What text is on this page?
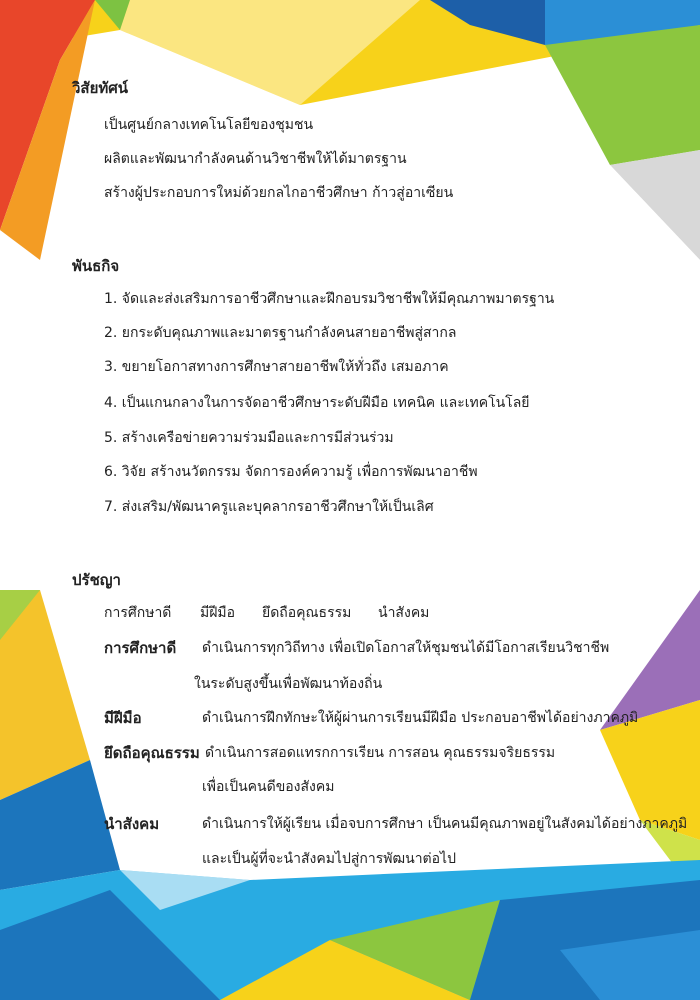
วิสัยทัศน์
เป็นศูนย์กลางเทคโนโลยีของชุมชน
ผลิตและพัฒนากำลังคนด้านวิชาชีพให้ได้มาตรฐาน
สร้างผู้ประกอบการใหม่ด้วยกลไกอาชีวศึกษา ก้าวสู่อาเซียน
พันธกิจ
1. จัดและส่งเสริมการอาชีวศึกษาและฝึกอบรมวิชาชีพให้มีคุณภาพมาตรฐาน
2. ยกระดับคุณภาพและมาตรฐานกำลังคนสายอาชีพสู่สากล
3. ขยายโอกาสทางการศึกษาสายอาชีพให้ทั่วถึง เสมอภาค
4. เป็นแกนกลางในการจัดอาชีวศึกษาระดับฝีมือ เทคนิค และเทคโนโลยี
5. สร้างเครือข่ายความร่วมมือและการมีส่วนร่วม
6. วิจัย สร้างนวัตกรรม จัดการองค์ความรู้ เพื่อการพัฒนาอาชีพ
7. ส่งเสริม/พัฒนาครูและบุคลากรอาชีวศึกษาให้เป็นเลิศ
ปรัชญา
การศึกษาดี มีฝีมือ ยึดถือคุณธรรม นำสังคม
การศึกษาดี ดำเนินการทุกวิถีทาง เพื่อเปิดโอกาสให้ชุมชนได้มีโอกาสเรียนวิชาชีพ
ในระดับสูงขึ้นเพื่อพัฒนาท้องถิ่น
มีฝีมือ	ดำเนินการฝึกทักษะให้ผู้ผ่านการเรียนมีฝีมือ ประกอบอาชีพได้อย่างภาคภูมิ
ยึดถือคุณธรรม ดำเนินการสอดแทรกการเรียน การสอน คุณธรรมจริยธรรม
เพื่อเป็นคนดีของสังคม
นำสังคม	ดำเนินการให้ผู้เรียน เมื่อจบการศึกษา เป็นคนมีคุณภาพอยู่ในสังคมได้อย่างภาคภูมิ
และเป็นผู้ที่จะนำสังคมไปสู่การพัฒนาต่อไป
